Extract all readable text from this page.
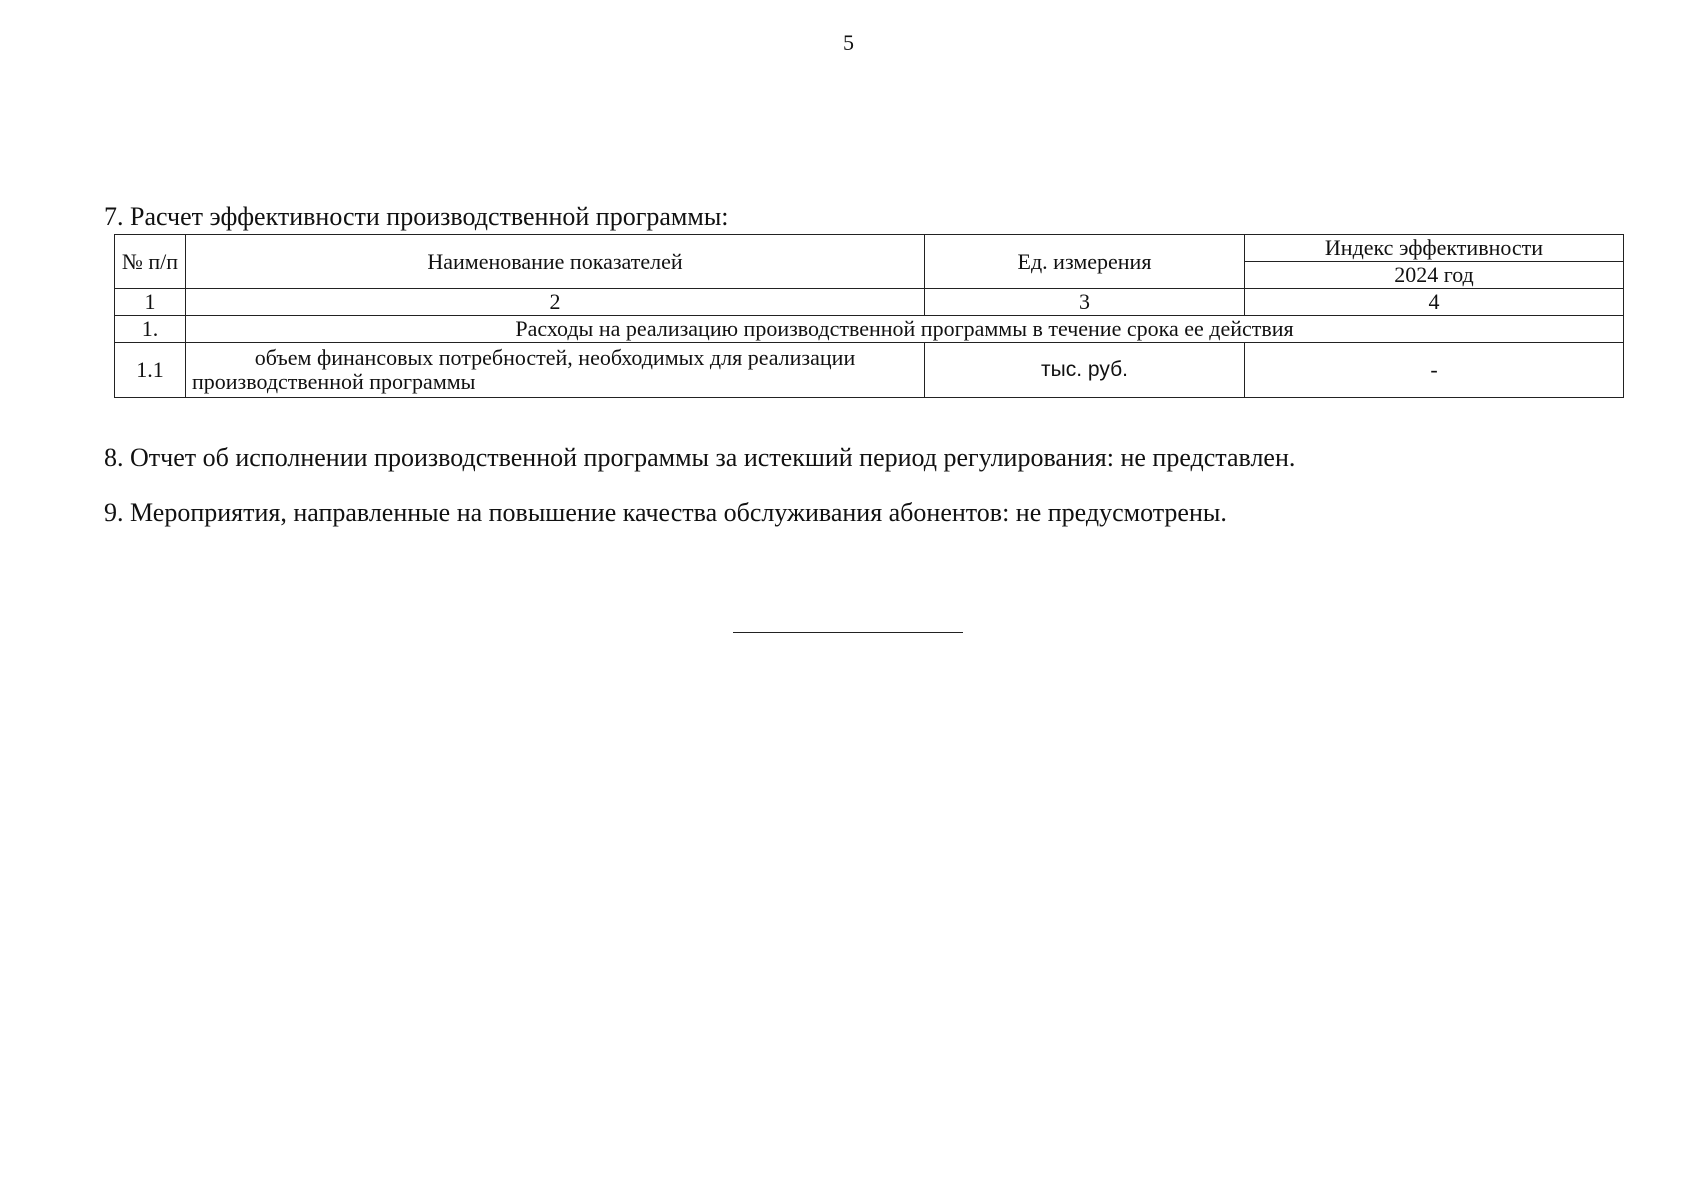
5
7. Расчет эффективности производственной программы:
№ п/п	Наименование показателей	Ед. измерения	Индекс эффективности
			2024 год
1	2	3	4
1.	Расходы на реализацию производственной программы в течение срока ее действия		
1.1	объем финансовых потребностей, необходимых для реализации производственной программы	тыс. руб.	-
8. Отчет об исполнении производственной программы за истекший период регулирования: не представлен.
9. Мероприятия, направленные на повышение качества обслуживания абонентов: не предусмотрены.
